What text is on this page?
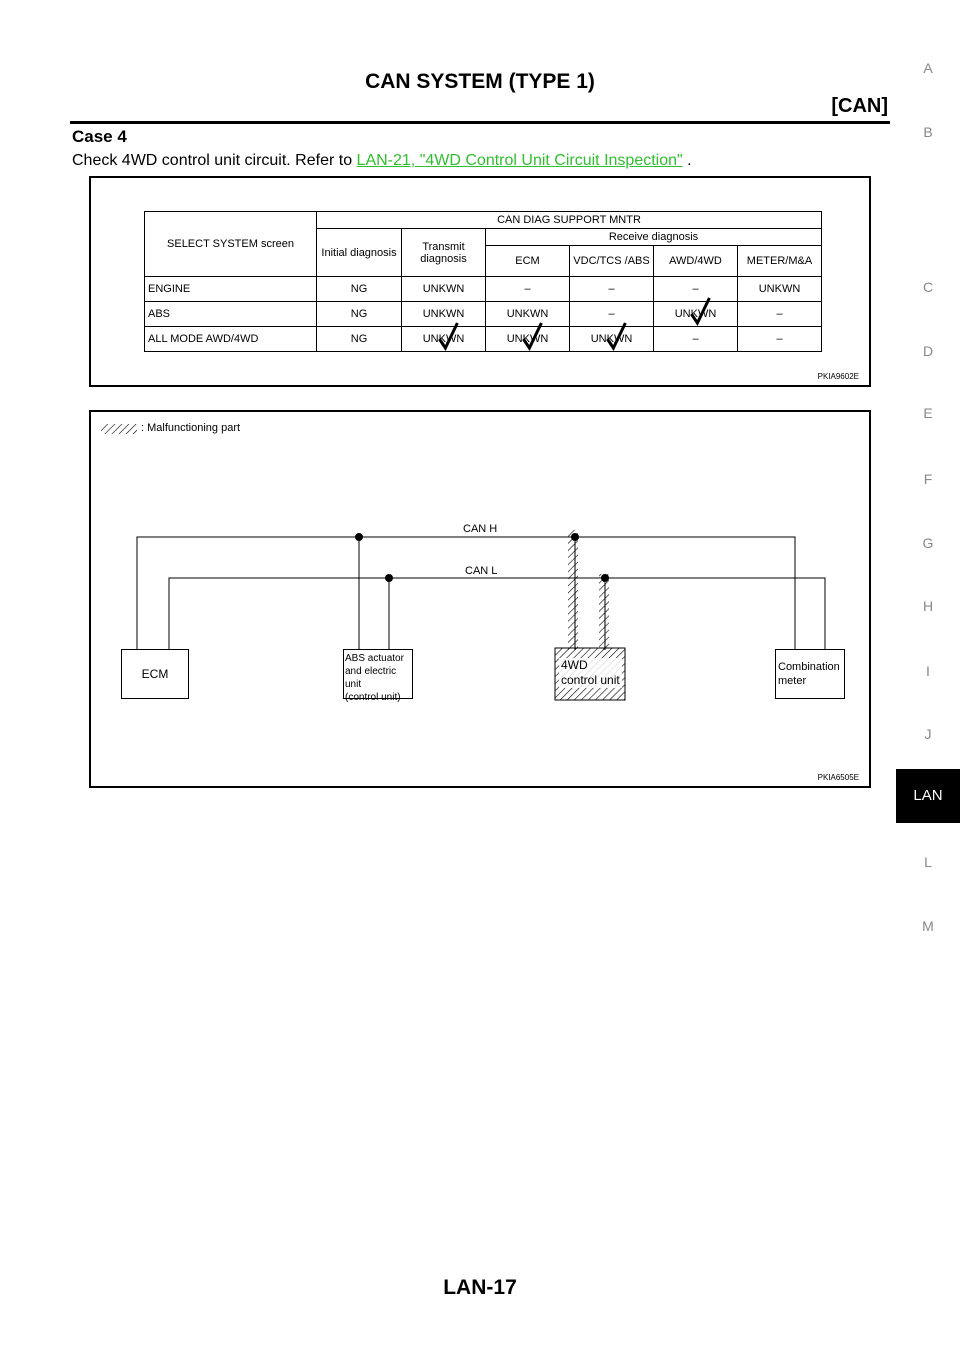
CAN SYSTEM (TYPE 1)
[CAN]
Case 4
Check 4WD control unit circuit. Refer to LAN-21, "4WD Control Unit Circuit Inspection" .
A
B
C
D
E
F
G
H
I
J
LAN
L
M
SELECT SYSTEM screen	CAN DIAG SUPPORT MNTR					
	Initial diagnosis	Transmit diagnosis	Receive diagnosis			
			ECM	VDC/TCS /ABS	AWD/4WD	METER/M&A
ENGINE	NG	UNKWN	–	–	–	UNKWN
ABS	NG	UNKWN	UNKWN	–	UNKWN	–
ALL MODE AWD/4WD	NG	UNKWN	UNKWN	UNKWN	–	–
PKIA9602E
: Malfunctioning part
CAN H
CAN L
ECM
ABS actuator
and electric unit
(control unit)
4WD
control unit
Combination
meter
PKIA6505E
LAN-17
